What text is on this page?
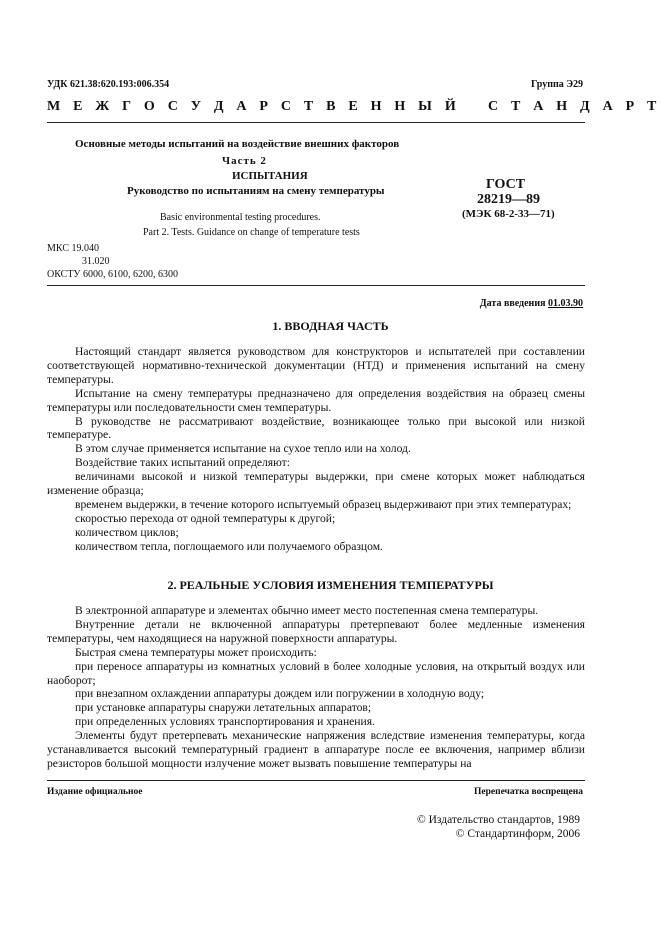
УДК 621.38:620.193:006.354	Группа Э29
М Е Ж Г О С У Д А Р С Т В Е Н Н Ы Й   С Т А Н Д А Р Т
Основные методы испытаний на воздействие внешних факторов
Часть 2
ИСПЫТАНИЯ
Руководство по испытаниям на смену температуры	ГОСТ
28219—89
(МЭК 68-2-33—71)
Basic environmental testing procedures.
Part 2. Tests. Guidance on change of temperature tests
МКС 19.040
31.020
ОКСТУ 6000, 6100, 6200, 6300
Дата введения 01.03.90
1. ВВОДНАЯ ЧАСТЬ

Настоящий стандарт является руководством для конструкторов и испытателей при составлении соответствующей нормативно-технической документации (НТД) и применения испытаний на смену температуры.

Испытание на смену температуры предназначено для определения воздействия на образец смены температуры или последовательности смен температуры.

В руководстве не рассматривают воздействие, возникающее только при высокой или низкой температуре.

В этом случае применяется испытание на сухое тепло или на холод.

Воздействие таких испытаний определяют:

величинами высокой и низкой температуры выдержки, при смене которых может наблюдаться изменение образца;

временем выдержки, в течение которого испытуемый образец выдерживают при этих температурах;

скоростью перехода от одной температуры к другой;

количеством циклов;

количеством тепла, поглощаемого или получаемого образцом.

2. РЕАЛЬНЫЕ УСЛОВИЯ ИЗМЕНЕНИЯ ТЕМПЕРАТУРЫ

В электронной аппаратуре и элементах обычно имеет место постепенная смена температуры.

Внутренние детали не включенной аппаратуры претерпевают более медленные изменения температуры, чем находящиеся на наружной поверхности аппаратуры.

Быстрая смена температуры может происходить:

при переносе аппаратуры из комнатных условий в более холодные условия, на открытый воздух или наоборот;

при внезапном охлаждении аппаратуры дождем или погружении в холодную воду;

при установке аппаратуры снаружи летательных аппаратов;

при определенных условиях транспортирования и хранения.

Элементы будут претерпевать механические напряжения вследствие изменения температуры, когда устанавливается высокий температурный градиент в аппаратуре после ее включения, например вблизи резисторов большой мощности излучение может вызвать повышение температуры на

Издание официальное	Перепечатка воспрещена
© Издательство стандартов, 1989
© Стандартинформ, 2006
